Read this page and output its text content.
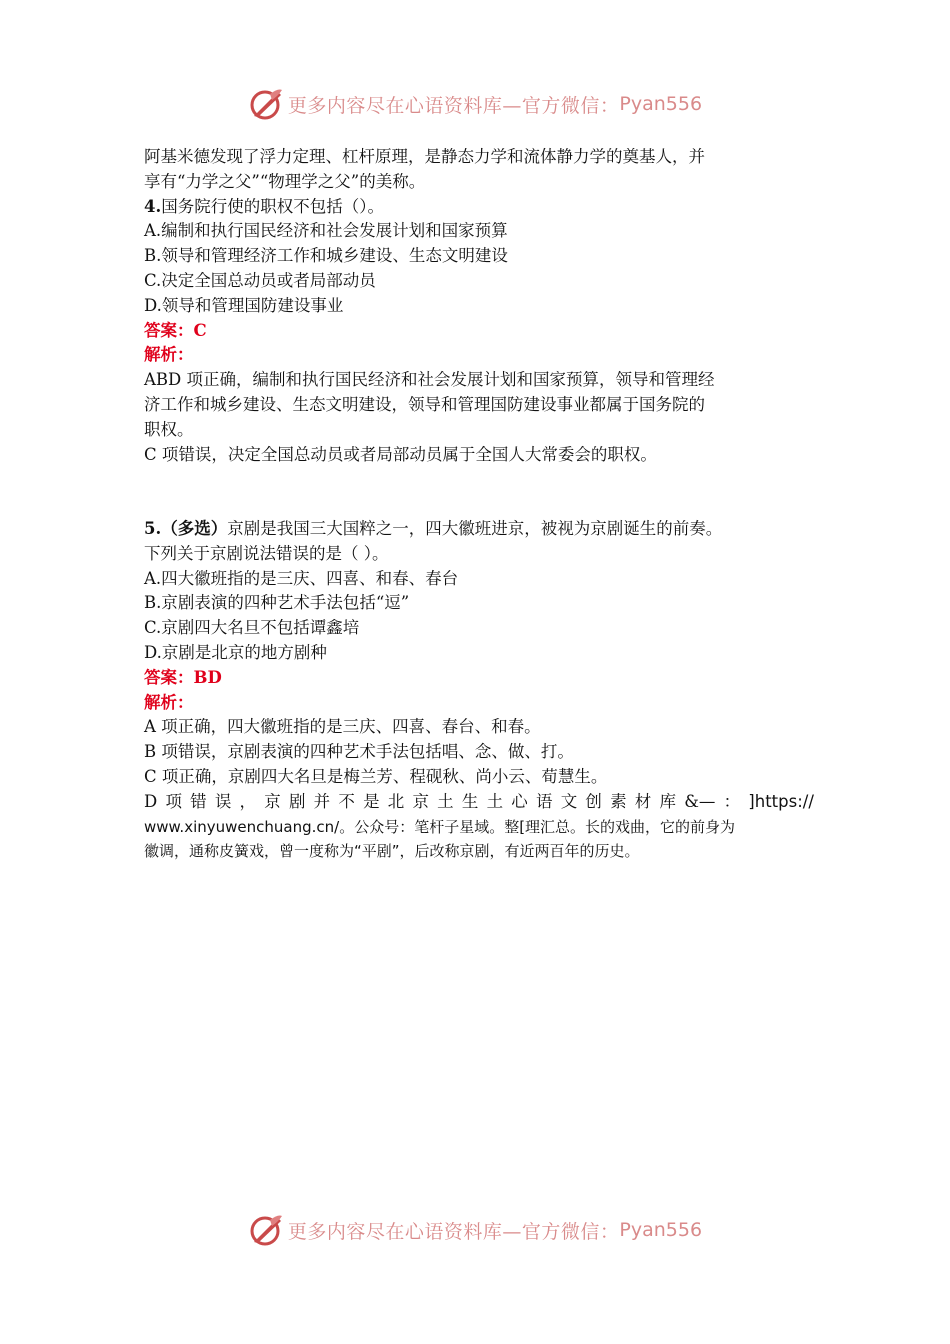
更多内容尽在心语资料库—官方微信： Pyan556
阿基米德发现了浮力定理、杠杆原理，是静态力学和流体静力学的奠基人，并
享有“力学之父”“物理学之父”的美称。
4.国务院行使的职权不包括（）。
A.编制和执行国民经济和社会发展计划和国家预算
B.领导和管理经济工作和城乡建设、生态文明建设
C.决定全国总动员或者局部动员
D.领导和管理国防建设事业
答案：C
解析：
ABD 项正确，编制和执行国民经济和社会发展计划和国家预算，领导和管理经
济工作和城乡建设、生态文明建设，领导和管理国防建设事业都属于国务院的
职权。
C 项错误，决定全国总动员或者局部动员属于全国人大常委会的职权。
5.（多选）京剧是我国三大国粹之一，四大徽班进京，被视为京剧诞生的前奏。
下列关于京剧说法错误的是（ ）。
A.四大徽班指的是三庆、四喜、和春、春台
B.京剧表演的四种艺术手法包括“逗”
C.京剧四大名旦不包括谭鑫培
D.京剧是北京的地方剧种
答案：BD
解析：
A 项正确，四大徽班指的是三庆、四喜、春台、和春。
B 项错误，京剧表演的四种艺术手法包括唱、念、做、打。
C 项正确，京剧四大名旦是梅兰芳、程砚秋、尚小云、荀慧生。
D 项 错 误 ， 京 剧 并 不 是 北 京 土 生 土 心 语 文 创 素 材 库 &— ： ]https://
www.xinyuwenchuang.cn/。公众号：笔杆子星域。整[理汇总。长的戏曲，它的前身为
徽调，通称皮簧戏，曾一度称为“平剧”，后改称京剧，有近两百年的历史。
更多内容尽在心语资料库—官方微信： Pyan556
